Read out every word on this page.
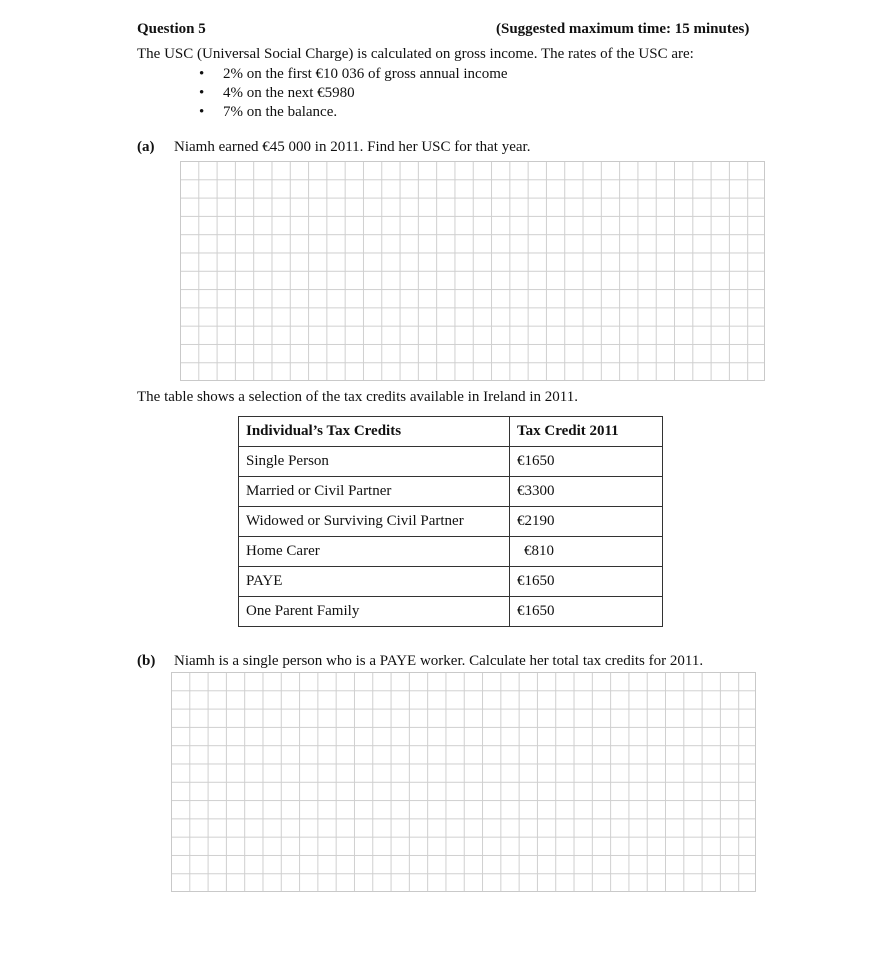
Question 5	(Suggested maximum time: 15 minutes)
The USC (Universal Social Charge) is calculated on gross income. The rates of the USC are:
• 2% on the first €10 036 of gross annual income
• 4% on the next €5980
• 7% on the balance.
(a) Niamh earned €45 000 in 2011. Find her USC for that year.
The table shows a selection of the tax credits available in Ireland in 2011.
Individual’s Tax Credits	Tax Credit 2011
Single Person	€1650
Married or Civil Partner	€3300
Widowed or Surviving Civil Partner	€2190
Home Carer	€810
PAYE	€1650
One Parent Family	€1650
(b) Niamh is a single person who is a PAYE worker. Calculate her total tax credits for 2011.
